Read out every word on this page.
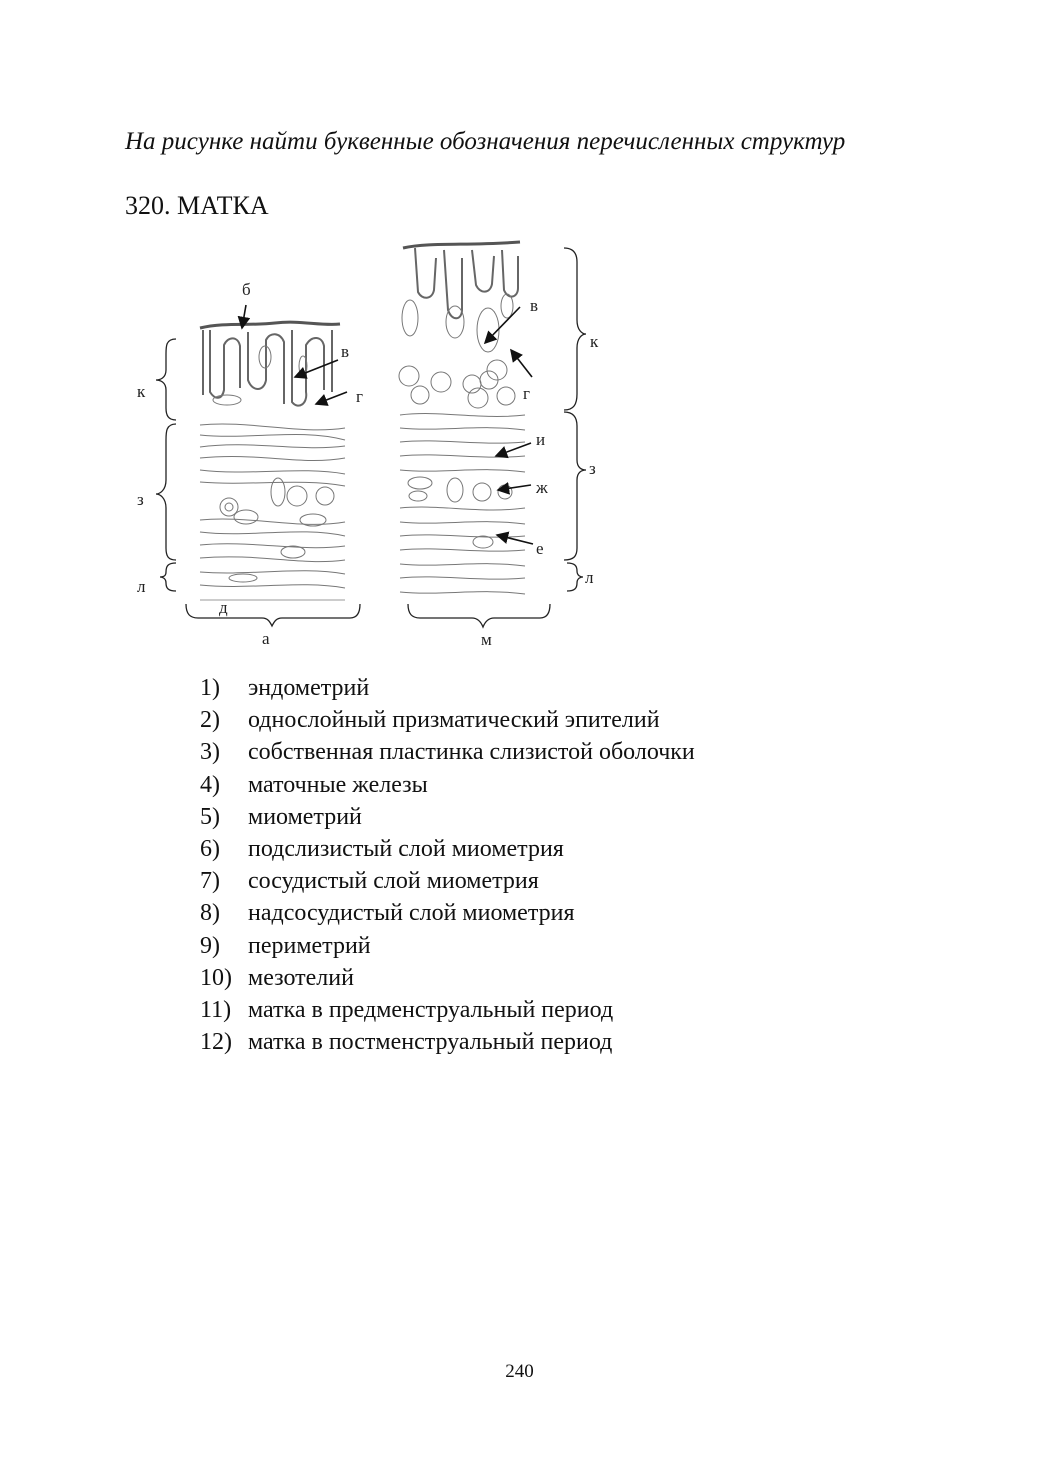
На рисунке найти буквенные обозначения перечисленных структур

320. МАТКА
б
в
г
к
з
л
д
а
в
г
к
и
з
ж
е
л
м
1)	эндометрий
2)	однослойный призматический эпителий
3)	собственная пластинка слизистой оболочки
4)	маточные железы
5)	миометрий
6)	подслизистый слой миометрия
7)	сосудистый слой миометрия
8)	надсосудистый слой миометрия
9)	периметрий
10) мезотелий
11) матка в предменструальный период
12) матка в постменструальный период
240
